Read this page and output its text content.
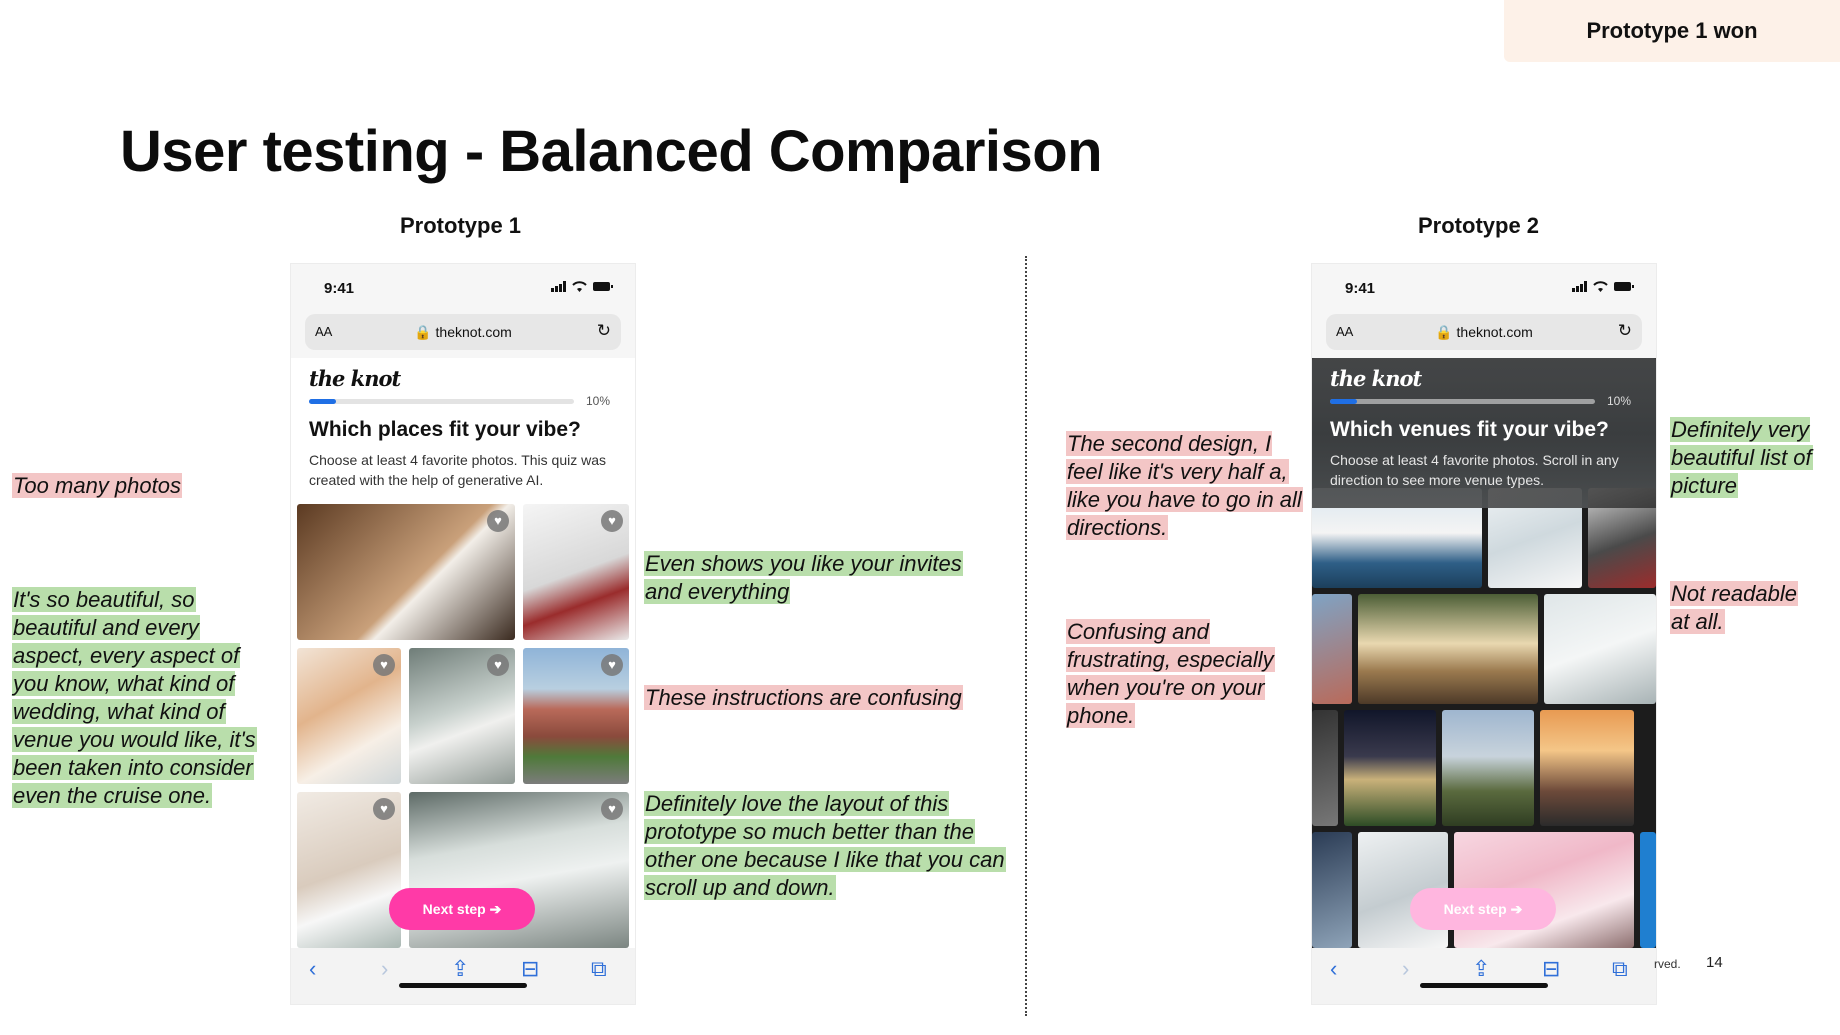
Prototype 1 won
User testing - Balanced Comparison
Prototype 1	Prototype 2
9:41

AA	🔒 theknot.com	↻
the knot
10%
Which places fit your vibe?
Choose at least 4 favorite photos. This quiz was created with the help of generative AI.
♥	♥
♥	♥	♥
♥	♥
Next step ➔
‹	›	⇪ ⊟ ⧉
9:41

AA	🔒 theknot.com	↻
the knot
10%
Which venues fit your vibe?
Choose at least 4 favorite photos. Scroll in any direction to see more venue types.
Next step ➔
‹	›	⇪ ⊟ ⧉
Too many photos
It's so beautiful, so beautiful and every aspect, every aspect of you know, what kind of wedding, what kind of venue you would like, it's been taken into consider even the cruise one.
Even shows you like your invites and everything
These instructions are confusing
Definitely love the layout of this prototype so much better than the other one because I like that you can scroll up and down.
The second design, I feel like it's very half a, like you have to go in all directions.
Confusing and frustrating, especially when you're on your phone.
Definitely very beautiful list of picture
Not readable at all.
rved. 14
